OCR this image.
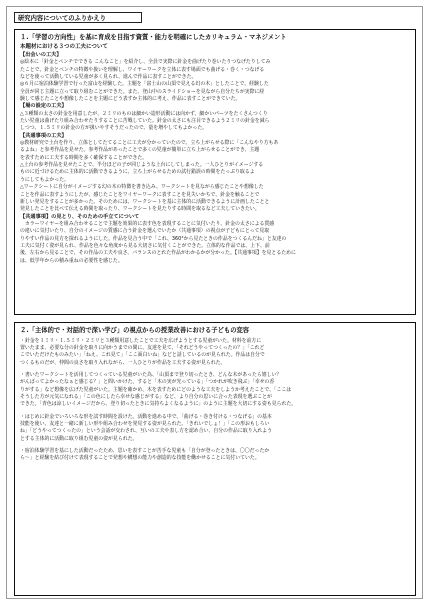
研究内容についてのふりかえり
１.「学習の方向性」を基に育成を目指す資質・能力を明確にしたカリキュラム・マネジメント
本題材における３つの工夫について
【出会いの工夫】
◎絵本に「針金とペンチでできる こんなこと」を紹介し、全員で実際に針金を曲げたり巻いたりつなげたりしてみ
たことで、針金とペンチの特徴や扱いを理解し、ワイヤーワークを立体に表す場面でも曲げる・巻く・つなげる
などを使って活動している児童が多く見られ、進んで作品に表すことができた。
◎６月に宿泊体験学習で行った富山を経験した。主題を「富士山の山頂で見える幻の木」としたことで、経験した
全員が同じ主題に立って取り組むことができた。また、登山中のスライドショーを見ながら自分たちが実際に経
験して感じたことや想像したことを主題にどう表すか主体的に考え、作品に表すことができていた。
【場の設定の工夫】
△３種類の太さの針金を用意したが、２ミリのものは細かい造形活動には向かず、細かいパーツをたくさんつくり
たい児童は曲げたり組み合わせたりすることに苦戦していた。針金の太さにも注目できるよう２ミリの針金を減ら
しつつ、１.５ミリの針金の方が扱いやすそうだったので、量を増やしてもよかった。
【共通事項の工夫】
◎教材研究で土台を作り、立体としてたてることに工夫が分かっていたので、立ち上がらせる際に「こんなやり方もあ
るよね」と参考作品を見せた。参考作品があったことで多くの児童が簡単に立ち上がらせることができ、主題
を表すために工夫する時間を多く確保することができた。
△上台の参考作品を見せたことで、半分ほどの子が同じような上台にしてしまった。一人ひとりがイメージする
ものに近づけるために主体的に活動できるように、立ち上がらせるための試行錯誤の時間をたっぷり取るよ
うにしてもよかった。
△ワークシートに自分がイメージする幻の木の特徴を書き込み、ワークシートを見ながら感じたことや想像した
ことを作品に表すようにしたが、感じたことをワイヤーワークに表すことを見失いかちで、針金を触ることで
新しい発見をすることが多かった。そのためには、ワークシートを基に主体的に活動できるように計画したことと
発見したことを比べて伝える時間を取ったり、ワークシートを見たりする時間を取るなど工夫していきたい。
【共通事項】の見とり、そのための手立てについて
　カラーワイヤーを組み合わせることで主題を効果的に表す色を表現することに気付いたり、針金の太さによる質感
の違いに気付いたり、自分のイメージの質感に合う針金を選んでいたか（共通事項）の視点が子どもにとって見取
りやすい作品の見方を探れるようにした。作品を見合う中で「これ、360°から見たときの作品をつくるんだね」と友達の
工夫に気付く姿が見られ、作品を色々な角度から見る大切さに気付くことができた。立体的な作品では、上下、前
後、左右から見ることで、その作品の工夫や良さ、バランスのとれた作品がわかるかが分かった。【共通事項】を見とるために
は、低学年からの積み重ねの必要性を感じた。
２.「主体的で・対話的で深い学び」の視点からの授業改善における子どもの変容
・針金を１ミリ・１.５ミリ・２ミリと３種類用意したことで工夫を広げようとする児童がいた。材料を前方に
置いたまま、必要な分の針金を取りに向かうまでの間に、友達を見て、「それどうやってつくったの？」「これど
こでいただけたものみたい」「ねえ、これ見て」「ここ面白いね」などと話しているのが見られた。作品は自分で
つくるものだが、仲間の良さを取り入れながら、一人ひとりが作品を工夫する姿が見られた。
・書いたワークシートを活用してつくっている児童がいた為、「山頂まで登り切ったとき、どんな木があったら嬉しい？
がんばってよかったなぁと感じる？」と問いかけた。すると「木の実が光っている」「つかれが吹き飛ぶ」「幸せの香
りがする」など想像を広げた児童がいた。主題を確かめ、木を表すためにどのような工夫をしようか考えたことで、「ここは
そうした方が元気になれる」「この色にしたら幸せな感じがする」など、より自分の思いに合った表現を選ぶことが
できた。「青色は涼しいイメージだから、登り切ったときに気持ちよくなるように」のように主題を大切にする姿も見られた。
・はじめに針金でいろいろな形を試す時間を設けた。活動を進める中で、「曲げる・巻き付ける・つなげる」の基本
技能を使い、友達と一緒に新しい形や組み合わせを発見する姿が見られた。「きれいでしょ！」「この形おもしろい
ね」「どうやってつくったの」という会話が交わされ、互いの工夫や表し方を認め合い、自分の作品に取り入れよう
とする主体的に活動に取り組む児童の姿が見られた。
・宿泊体験学習を基にした活動だったため、思いを表すことが苦手な児童も「自分が登ったときは、〇〇だったか
ら〜」と経験を結び付けて表現することで発想や構想の能力や創造的な技能を働かせることに気付いていた。
